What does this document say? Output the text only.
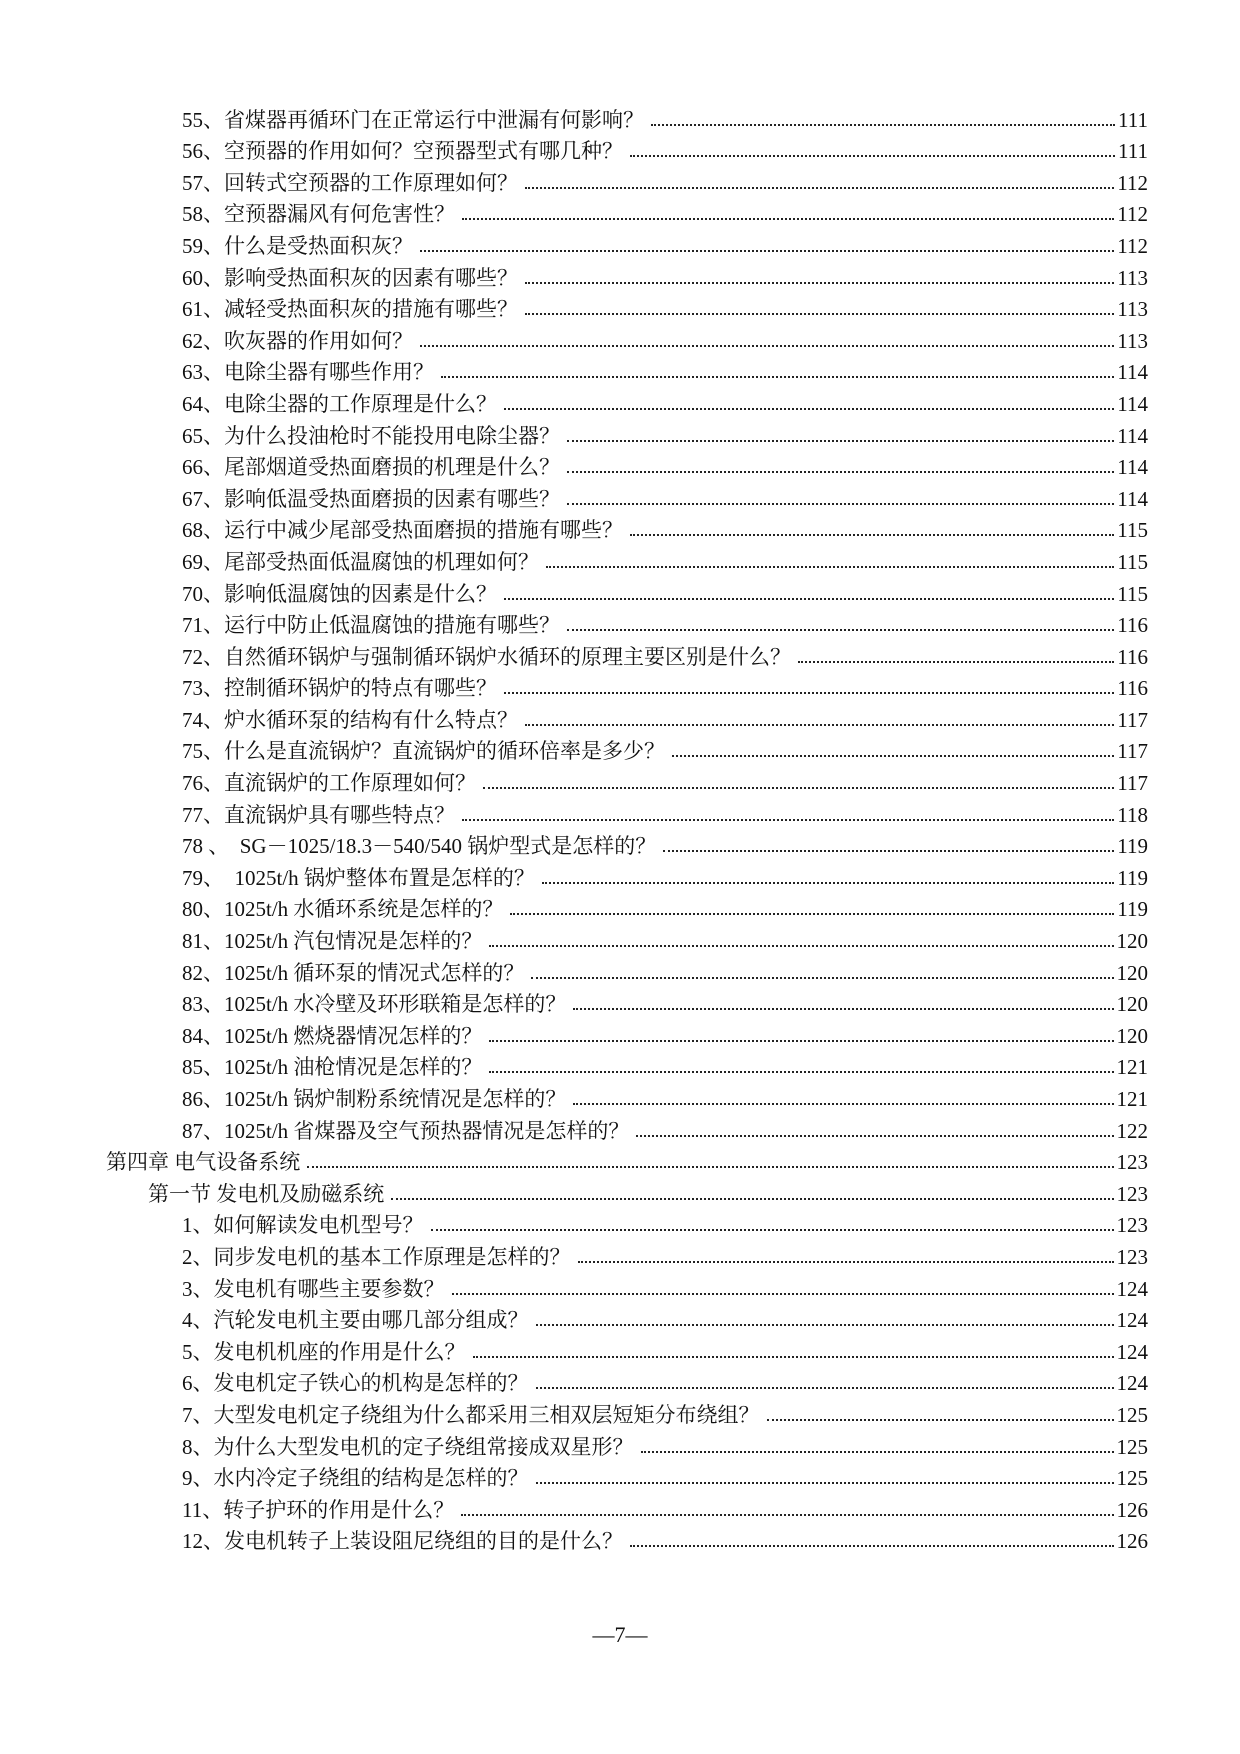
55、省煤器再循环门在正常运行中泄漏有何影响？	111
56、空预器的作用如何？空预器型式有哪几种？	111
57、回转式空预器的工作原理如何？	112
58、空预器漏风有何危害性？	112
59、什么是受热面积灰？	112
60、影响受热面积灰的因素有哪些？	113
61、减轻受热面积灰的措施有哪些？	113
62、吹灰器的作用如何？	113
63、电除尘器有哪些作用？	114
64、电除尘器的工作原理是什么？	114
65、为什么投油枪时不能投用电除尘器？	114
66、尾部烟道受热面磨损的机理是什么？	114
67、影响低温受热面磨损的因素有哪些？	114
68、运行中减少尾部受热面磨损的措施有哪些？	115
69、尾部受热面低温腐蚀的机理如何？	115
70、影响低温腐蚀的因素是什么？	115
71、运行中防止低温腐蚀的措施有哪些？	116
72、自然循环锅炉与强制循环锅炉水循环的原理主要区别是什么？	116
73、控制循环锅炉的特点有哪些？	116
74、炉水循环泵的结构有什么特点？	117
75、什么是直流锅炉？直流锅炉的循环倍率是多少？	117
76、直流锅炉的工作原理如何？	117
77、直流锅炉具有哪些特点？	118
78 、　SG－1025/18.3－540/540 锅炉型式是怎样的？	119
79、　1025t/h 锅炉整体布置是怎样的？	119
80、1025t/h 水循环系统是怎样的？	119
81、1025t/h 汽包情况是怎样的？	120
82、1025t/h 循环泵的情况式怎样的？	120
83、1025t/h 水冷壁及环形联箱是怎样的？	120
84、1025t/h 燃烧器情况怎样的？	120
85、1025t/h 油枪情况是怎样的？	121
86、1025t/h 锅炉制粉系统情况是怎样的？	121
87、1025t/h 省煤器及空气预热器情况是怎样的？	122
第四章 电气设备系统	123
第一节 发电机及励磁系统	123
1、如何解读发电机型号？	123
2、同步发电机的基本工作原理是怎样的？	123
3、发电机有哪些主要参数？	124
4、汽轮发电机主要由哪几部分组成？	124
5、发电机机座的作用是什么？	124
6、发电机定子铁心的机构是怎样的？	124
7、大型发电机定子绕组为什么都采用三相双层短矩分布绕组？	125
8、为什么大型发电机的定子绕组常接成双星形？	125
9、水内冷定子绕组的结构是怎样的？	125
11、转子护环的作用是什么？	126
12、发电机转子上装设阻尼绕组的目的是什么？	126
—7—
